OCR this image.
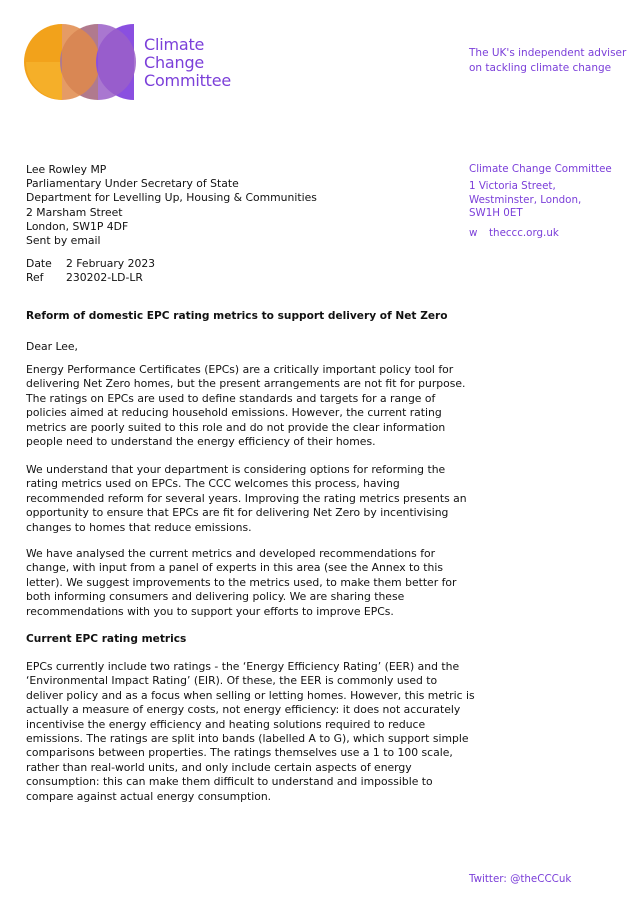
Climate
Change
Committee
The UK's independent adviser
on tackling climate change
Lee Rowley MP
Parliamentary Under Secretary of State
Department for Levelling Up, Housing & Communities
2 Marsham Street
London, SW1P 4DF
Sent by email
Date 2 February 2023
Ref 230202-LD-LR
Climate Change Committee
1 Victoria Street,
Westminster, London,
SW1H 0ET
w theccc.org.uk
Reform of domestic EPC rating metrics to support delivery of Net Zero
Dear Lee,
Energy Performance Certificates (EPCs) are a critically important policy tool for
delivering Net Zero homes, but the present arrangements are not fit for purpose.
The ratings on EPCs are used to define standards and targets for a range of
policies aimed at reducing household emissions. However, the current rating
metrics are poorly suited to this role and do not provide the clear information
people need to understand the energy efficiency of their homes.
We understand that your department is considering options for reforming the
rating metrics used on EPCs. The CCC welcomes this process, having
recommended reform for several years. Improving the rating metrics presents an
opportunity to ensure that EPCs are fit for delivering Net Zero by incentivising
changes to homes that reduce emissions.
We have analysed the current metrics and developed recommendations for
change, with input from a panel of experts in this area (see the Annex to this
letter). We suggest improvements to the metrics used, to make them better for
both informing consumers and delivering policy. We are sharing these
recommendations with you to support your efforts to improve EPCs.
Current EPC rating metrics
EPCs currently include two ratings - the ‘Energy Efficiency Rating’ (EER) and the
‘Environmental Impact Rating’ (EIR). Of these, the EER is commonly used to
deliver policy and as a focus when selling or letting homes. However, this metric is
actually a measure of energy costs, not energy efficiency: it does not accurately
incentivise the energy efficiency and heating solutions required to reduce
emissions. The ratings are split into bands (labelled A to G), which support simple
comparisons between properties. The ratings themselves use a 1 to 100 scale,
rather than real-world units, and only include certain aspects of energy
consumption: this can make them difficult to understand and impossible to
compare against actual energy consumption.
Twitter: @theCCCuk
